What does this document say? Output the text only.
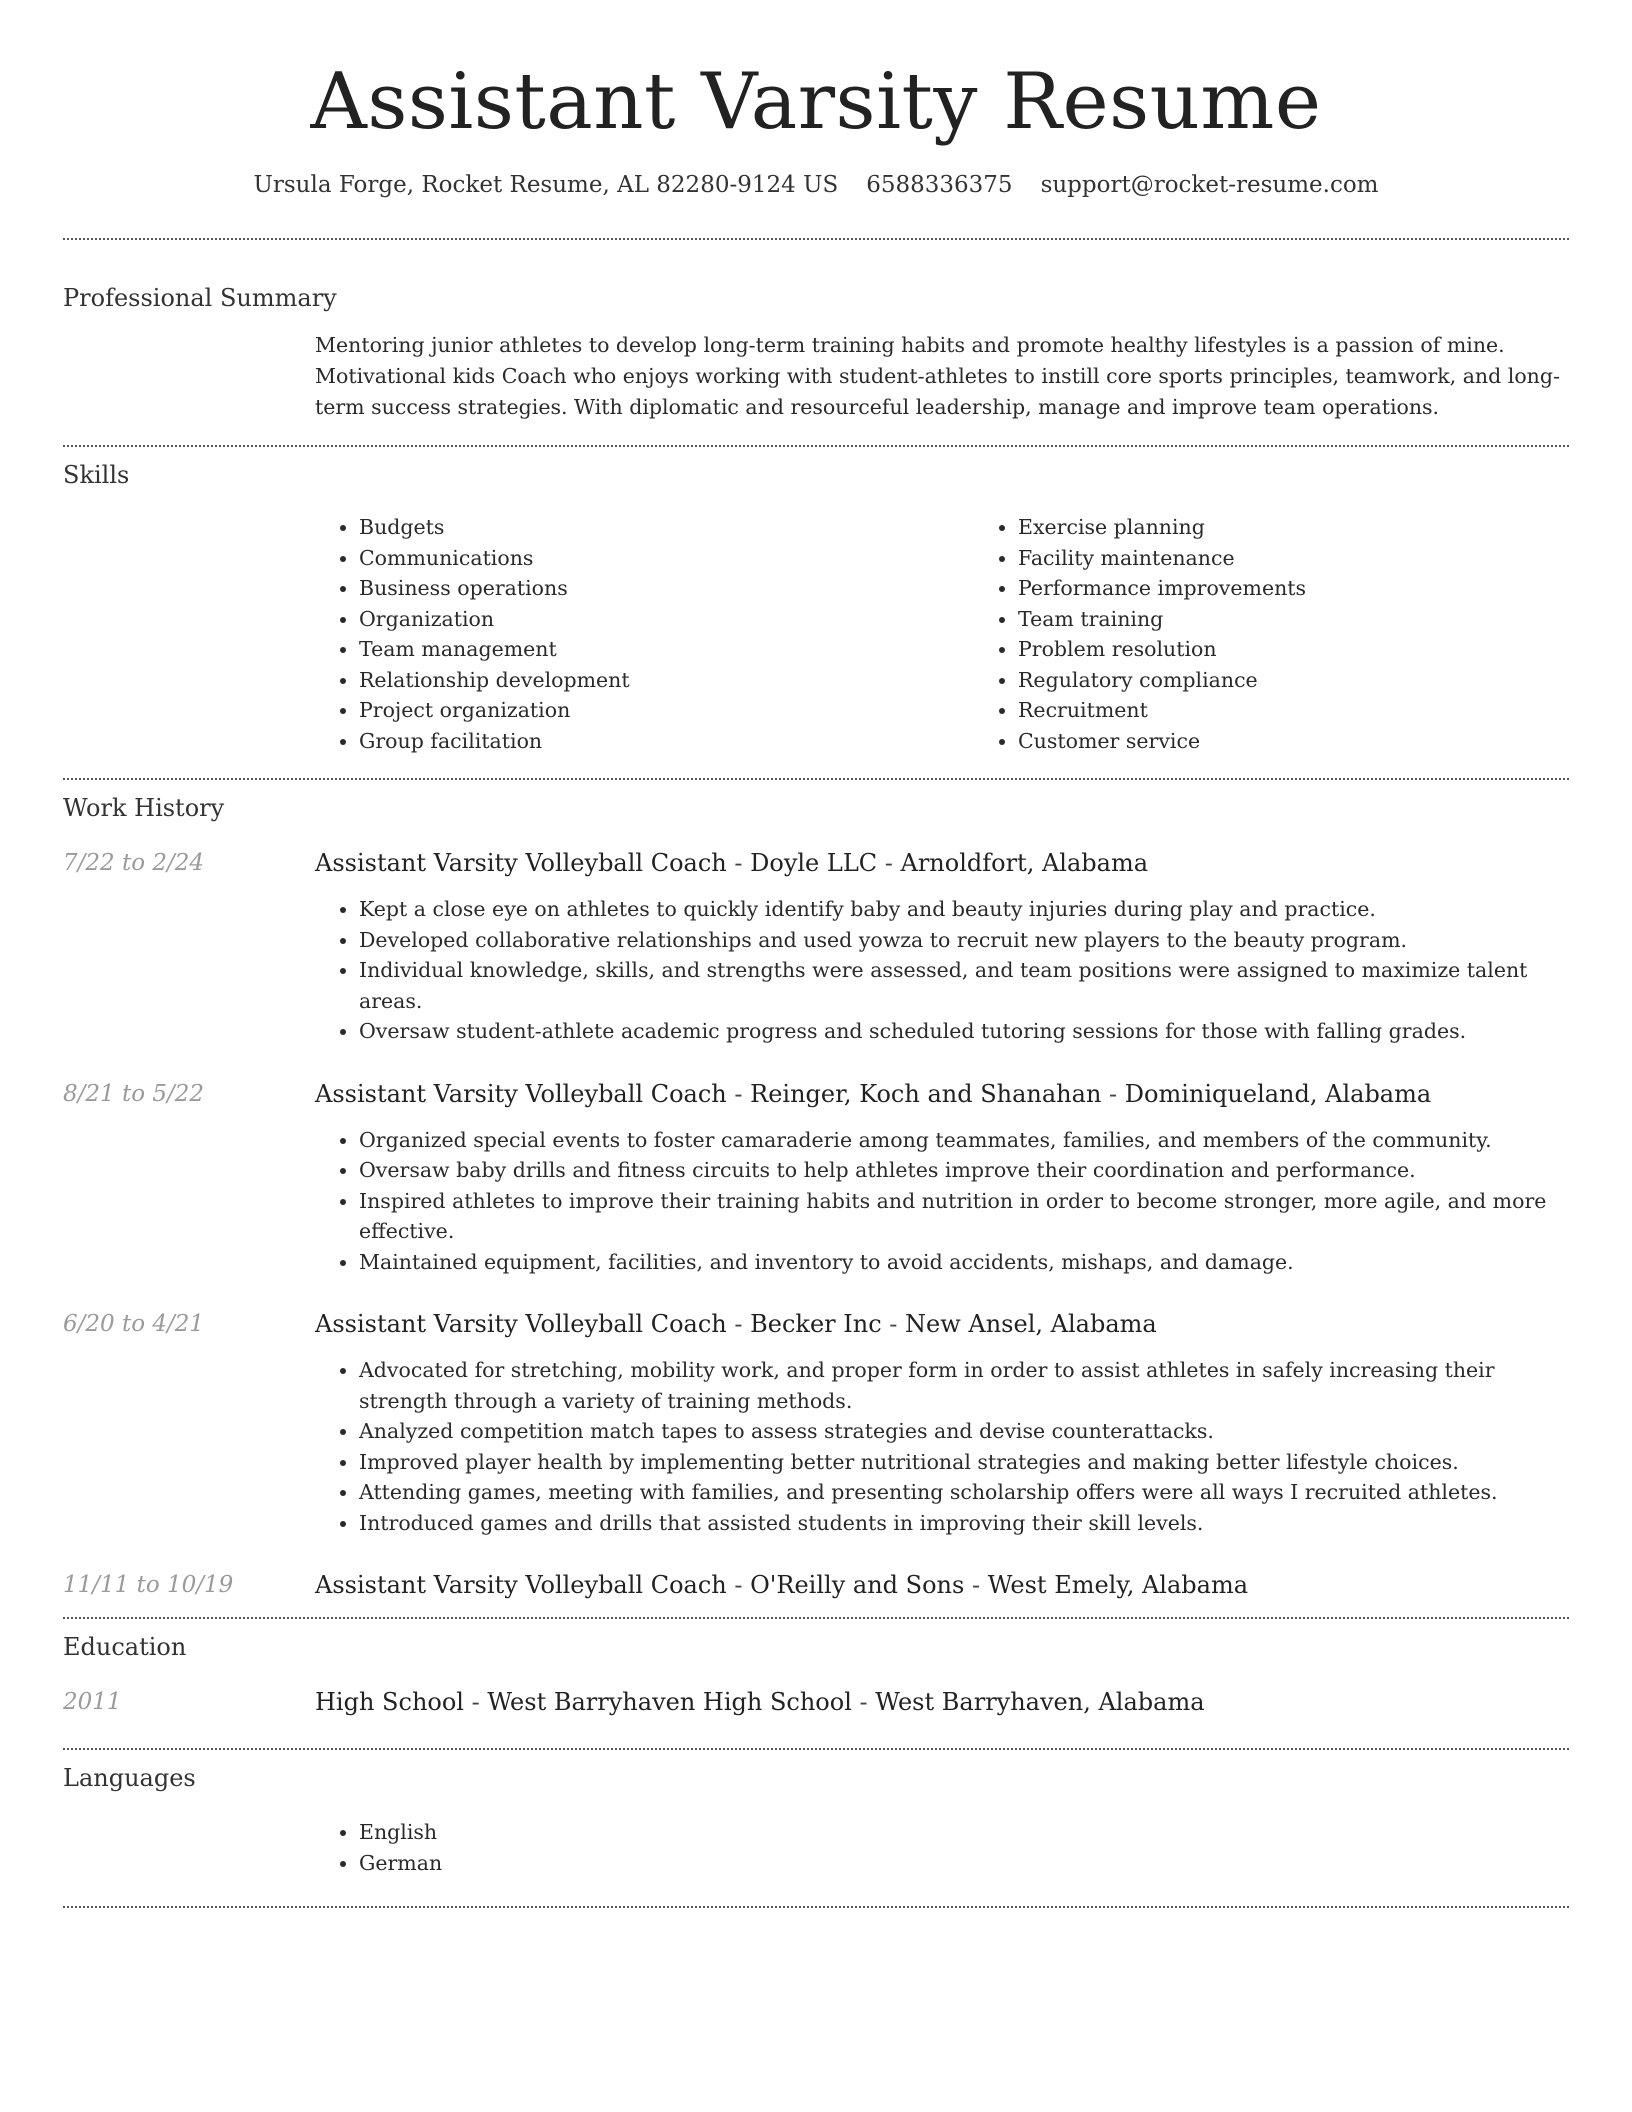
Assistant Varsity Resume
Ursula Forge, Rocket Resume, AL 82280-9124 US 6588336375 support@rocket-resume.com
Professional Summary

Mentoring junior athletes to develop long-term training habits and promote healthy lifestyles is a passion of mine. Motivational kids Coach who enjoys working with student-athletes to instill core sports principles, teamwork, and long-term success strategies. With diplomatic and resourceful leadership, manage and improve team operations.

Skills
• Budgets
• Communications
• Business operations
• Organization
• Team management
• Relationship development
• Project organization
• Group facilitation
• Exercise planning
• Facility maintenance
• Performance improvements
• Team training
• Problem resolution
• Regulatory compliance
• Recruitment
• Customer service
Work History
7/22 to 2/24	Assistant Varsity Volleyball Coach - Doyle LLC - Arnoldfort, Alabama

• Kept a close eye on athletes to quickly identify baby and beauty injuries during play and practice.
• Developed collaborative relationships and used yowza to recruit new players to the beauty program.
• Individual knowledge, skills, and strengths were assessed, and team positions were assigned to maximize talent areas.
• Oversaw student-athlete academic progress and scheduled tutoring sessions for those with falling grades.
8/21 to 5/22	Assistant Varsity Volleyball Coach - Reinger, Koch and Shanahan - Dominiqueland, Alabama

• Organized special events to foster camaraderie among teammates, families, and members of the community.
• Oversaw baby drills and fitness circuits to help athletes improve their coordination and performance.
• Inspired athletes to improve their training habits and nutrition in order to become stronger, more agile, and more effective.
• Maintained equipment, facilities, and inventory to avoid accidents, mishaps, and damage.
6/20 to 4/21	Assistant Varsity Volleyball Coach - Becker Inc - New Ansel, Alabama

• Advocated for stretching, mobility work, and proper form in order to assist athletes in safely increasing their strength through a variety of training methods.
• Analyzed competition match tapes to assess strategies and devise counterattacks.
• Improved player health by implementing better nutritional strategies and making better lifestyle choices.
• Attending games, meeting with families, and presenting scholarship offers were all ways I recruited athletes.
• Introduced games and drills that assisted students in improving their skill levels.
11/11 to 10/19	Assistant Varsity Volleyball Coach - O'Reilly and Sons - West Emely, Alabama

Education
2011	High School - West Barryhaven High School - West Barryhaven, Alabama

Languages
• English
• German
